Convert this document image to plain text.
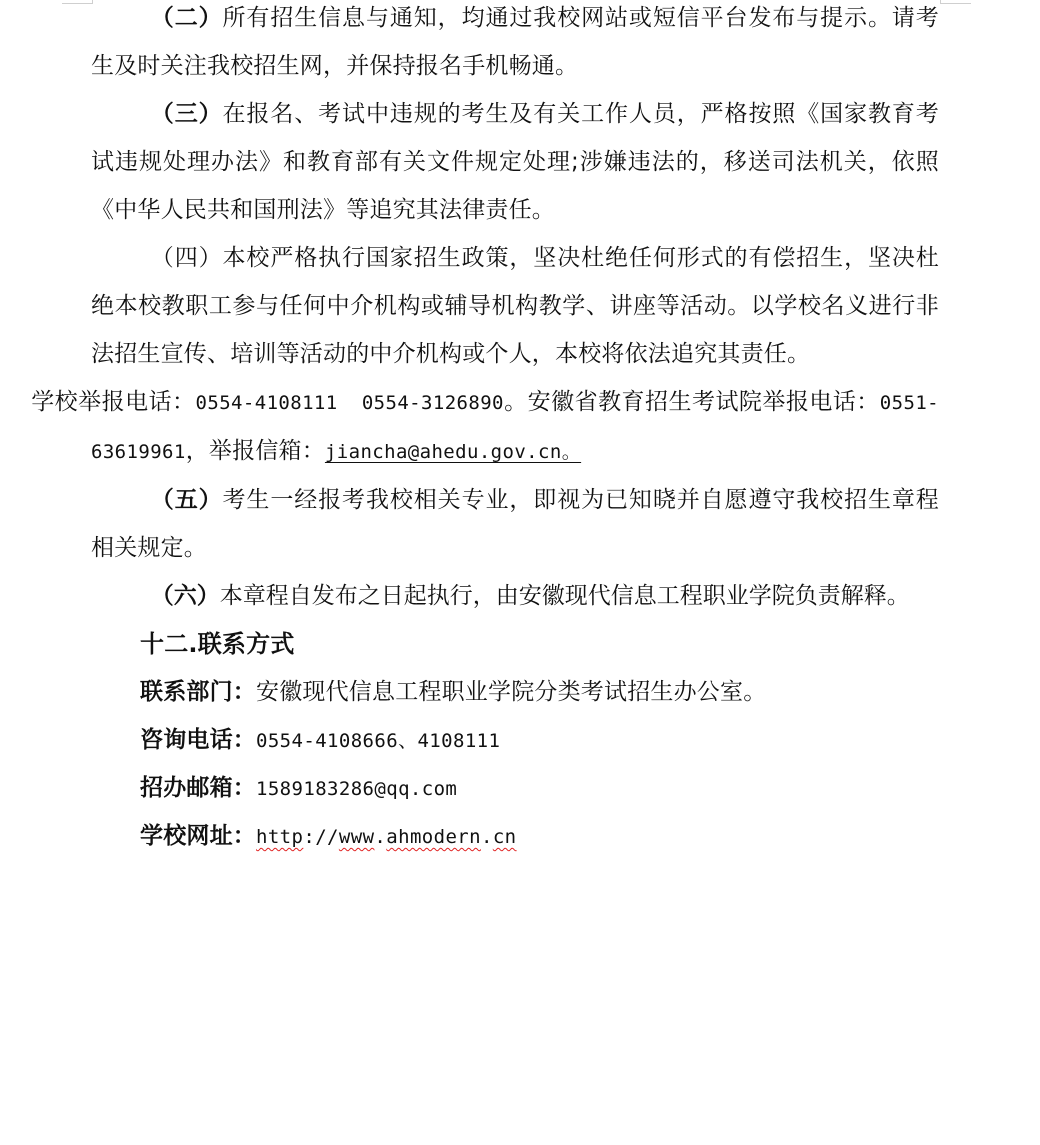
（二）所有招生信息与通知，均通过我校网站或短信平台发布与提示。请考生及时关注我校招生网，并保持报名手机畅通。

（三）在报名、考试中违规的考生及有关工作人员，严格按照《国家教育考试违规处理办法》和教育部有关文件规定处理;涉嫌违法的，移送司法机关，依照《中华人民共和国刑法》等追究其法律责任。

（四）本校严格执行国家招生政策，坚决杜绝任何形式的有偿招生，坚决杜绝本校教职工参与任何中介机构或辅导机构教学、讲座等活动。以学校名义进行非法招生宣传、培训等活动的中介机构或个人，本校将依法追究其责任。
学校举报电话：0554-4108111  0554-3126890。安徽省教育招生考试院举报电话：0551-63619961，举报信箱：jiancha@ahedu.gov.cn。

（五）考生一经报考我校相关专业，即视为已知晓并自愿遵守我校招生章程相关规定。

（六）本章程自发布之日起执行，由安徽现代信息工程职业学院负责解释。

十二.联系方式

联系部门：安徽现代信息工程职业学院分类考试招生办公室。

咨询电话：0554-4108666、4108111

招办邮箱：1589183286@qq.com

学校网址：http://www.ahmodern.cn
